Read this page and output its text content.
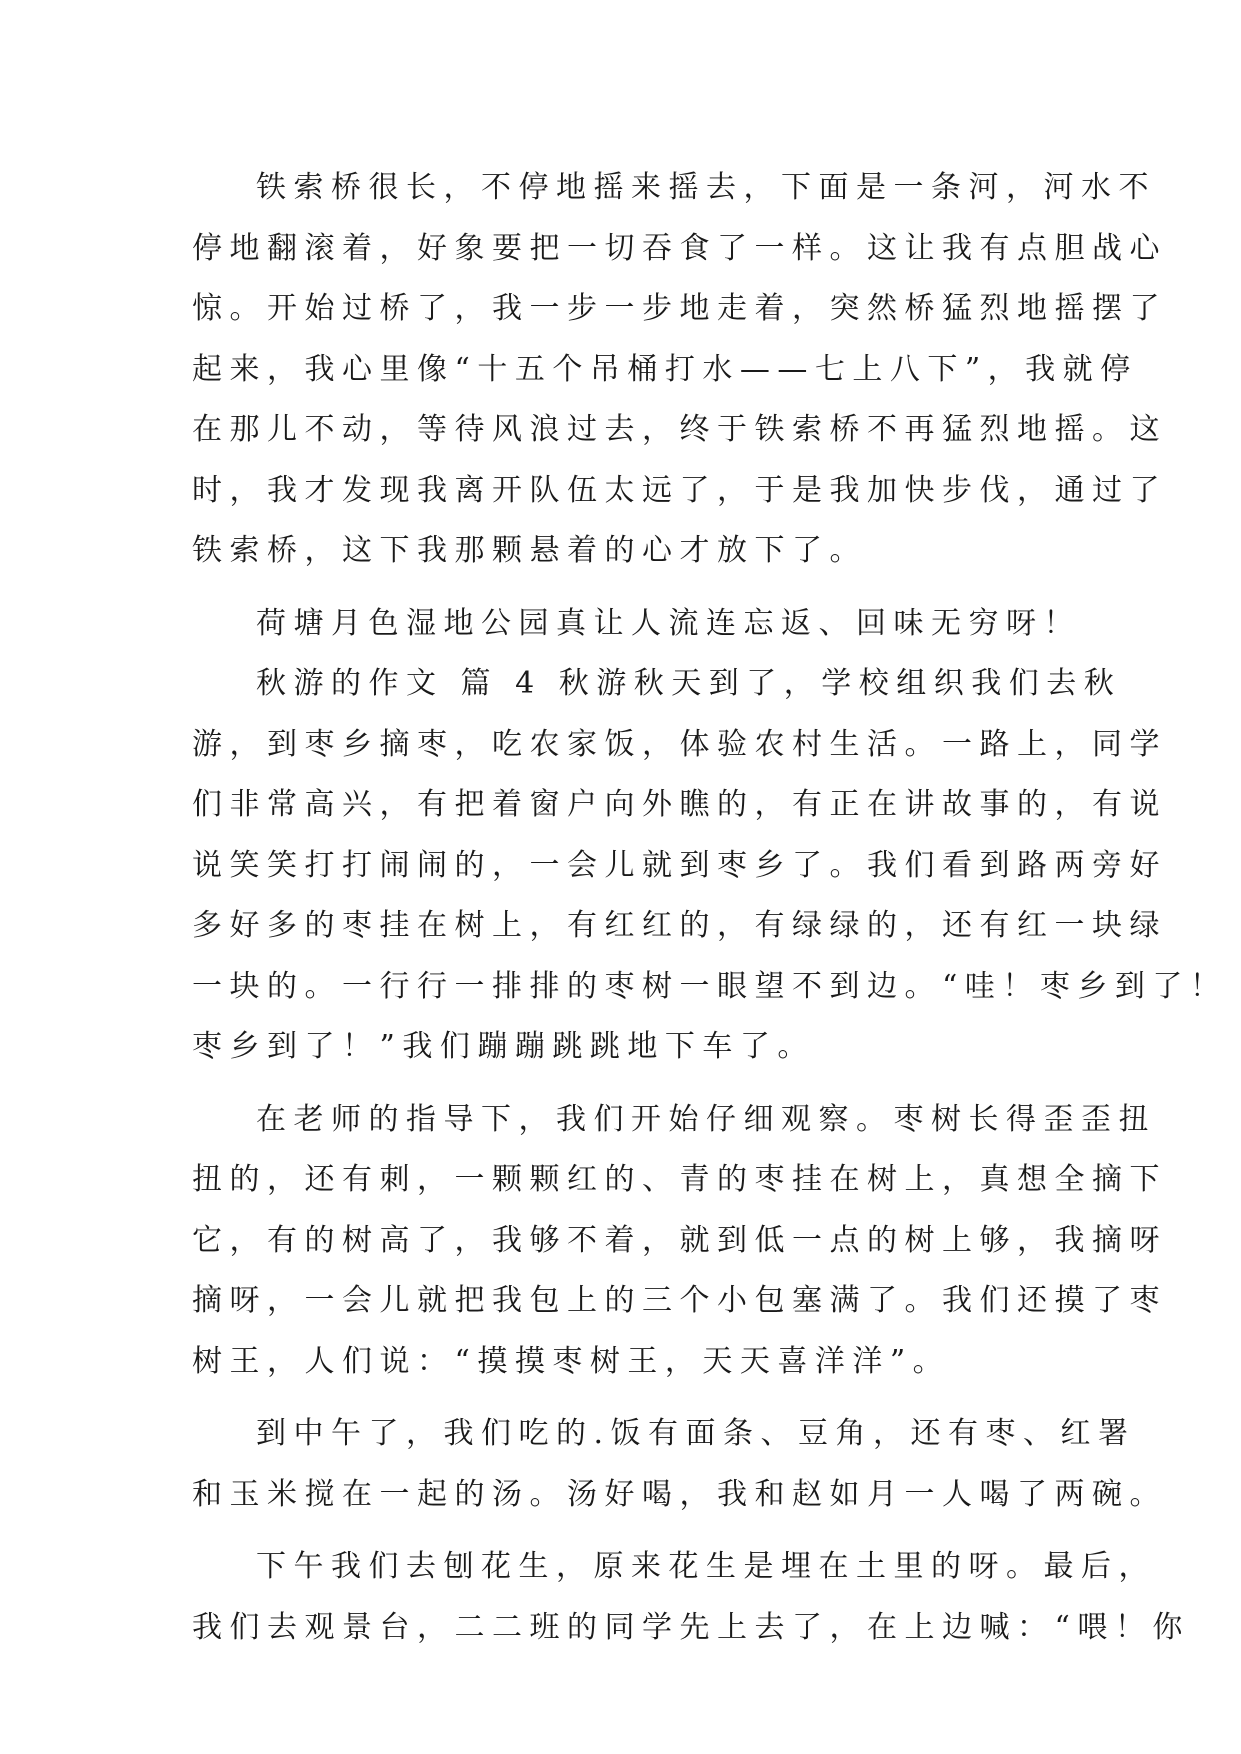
铁索桥很长，不停地摇来摇去，下面是一条河，河水不
停地翻滚着，好象要把一切吞食了一样。这让我有点胆战心
惊。开始过桥了，我一步一步地走着，突然桥猛烈地摇摆了
起来，我心里像“十五个吊桶打水——七上八下”，我就停
在那儿不动，等待风浪过去，终于铁索桥不再猛烈地摇。这
时，我才发现我离开队伍太远了，于是我加快步伐，通过了
铁索桥，这下我那颗悬着的心才放下了。
荷塘月色湿地公园真让人流连忘返、回味无穷呀！
秋游的作文 篇 4 秋游秋天到了，学校组织我们去秋
游，到枣乡摘枣，吃农家饭，体验农村生活。一路上，同学
们非常高兴，有把着窗户向外瞧的，有正在讲故事的，有说
说笑笑打打闹闹的，一会儿就到枣乡了。我们看到路两旁好
多好多的枣挂在树上，有红红的，有绿绿的，还有红一块绿
一块的。一行行一排排的枣树一眼望不到边。“哇！枣乡到了！
枣乡到了！”我们蹦蹦跳跳地下车了。
在老师的指导下，我们开始仔细观察。枣树长得歪歪扭
扭的，还有刺，一颗颗红的、青的枣挂在树上，真想全摘下
它，有的树高了，我够不着，就到低一点的树上够，我摘呀
摘呀，一会儿就把我包上的三个小包塞满了。我们还摸了枣
树王，人们说：“摸摸枣树王，天天喜洋洋”。
到中午了，我们吃的.饭有面条、豆角，还有枣、红署
和玉米搅在一起的汤。汤好喝，我和赵如月一人喝了两碗。
下午我们去刨花生，原来花生是埋在土里的呀。最后，
我们去观景台，二二班的同学先上去了，在上边喊：“喂！你
